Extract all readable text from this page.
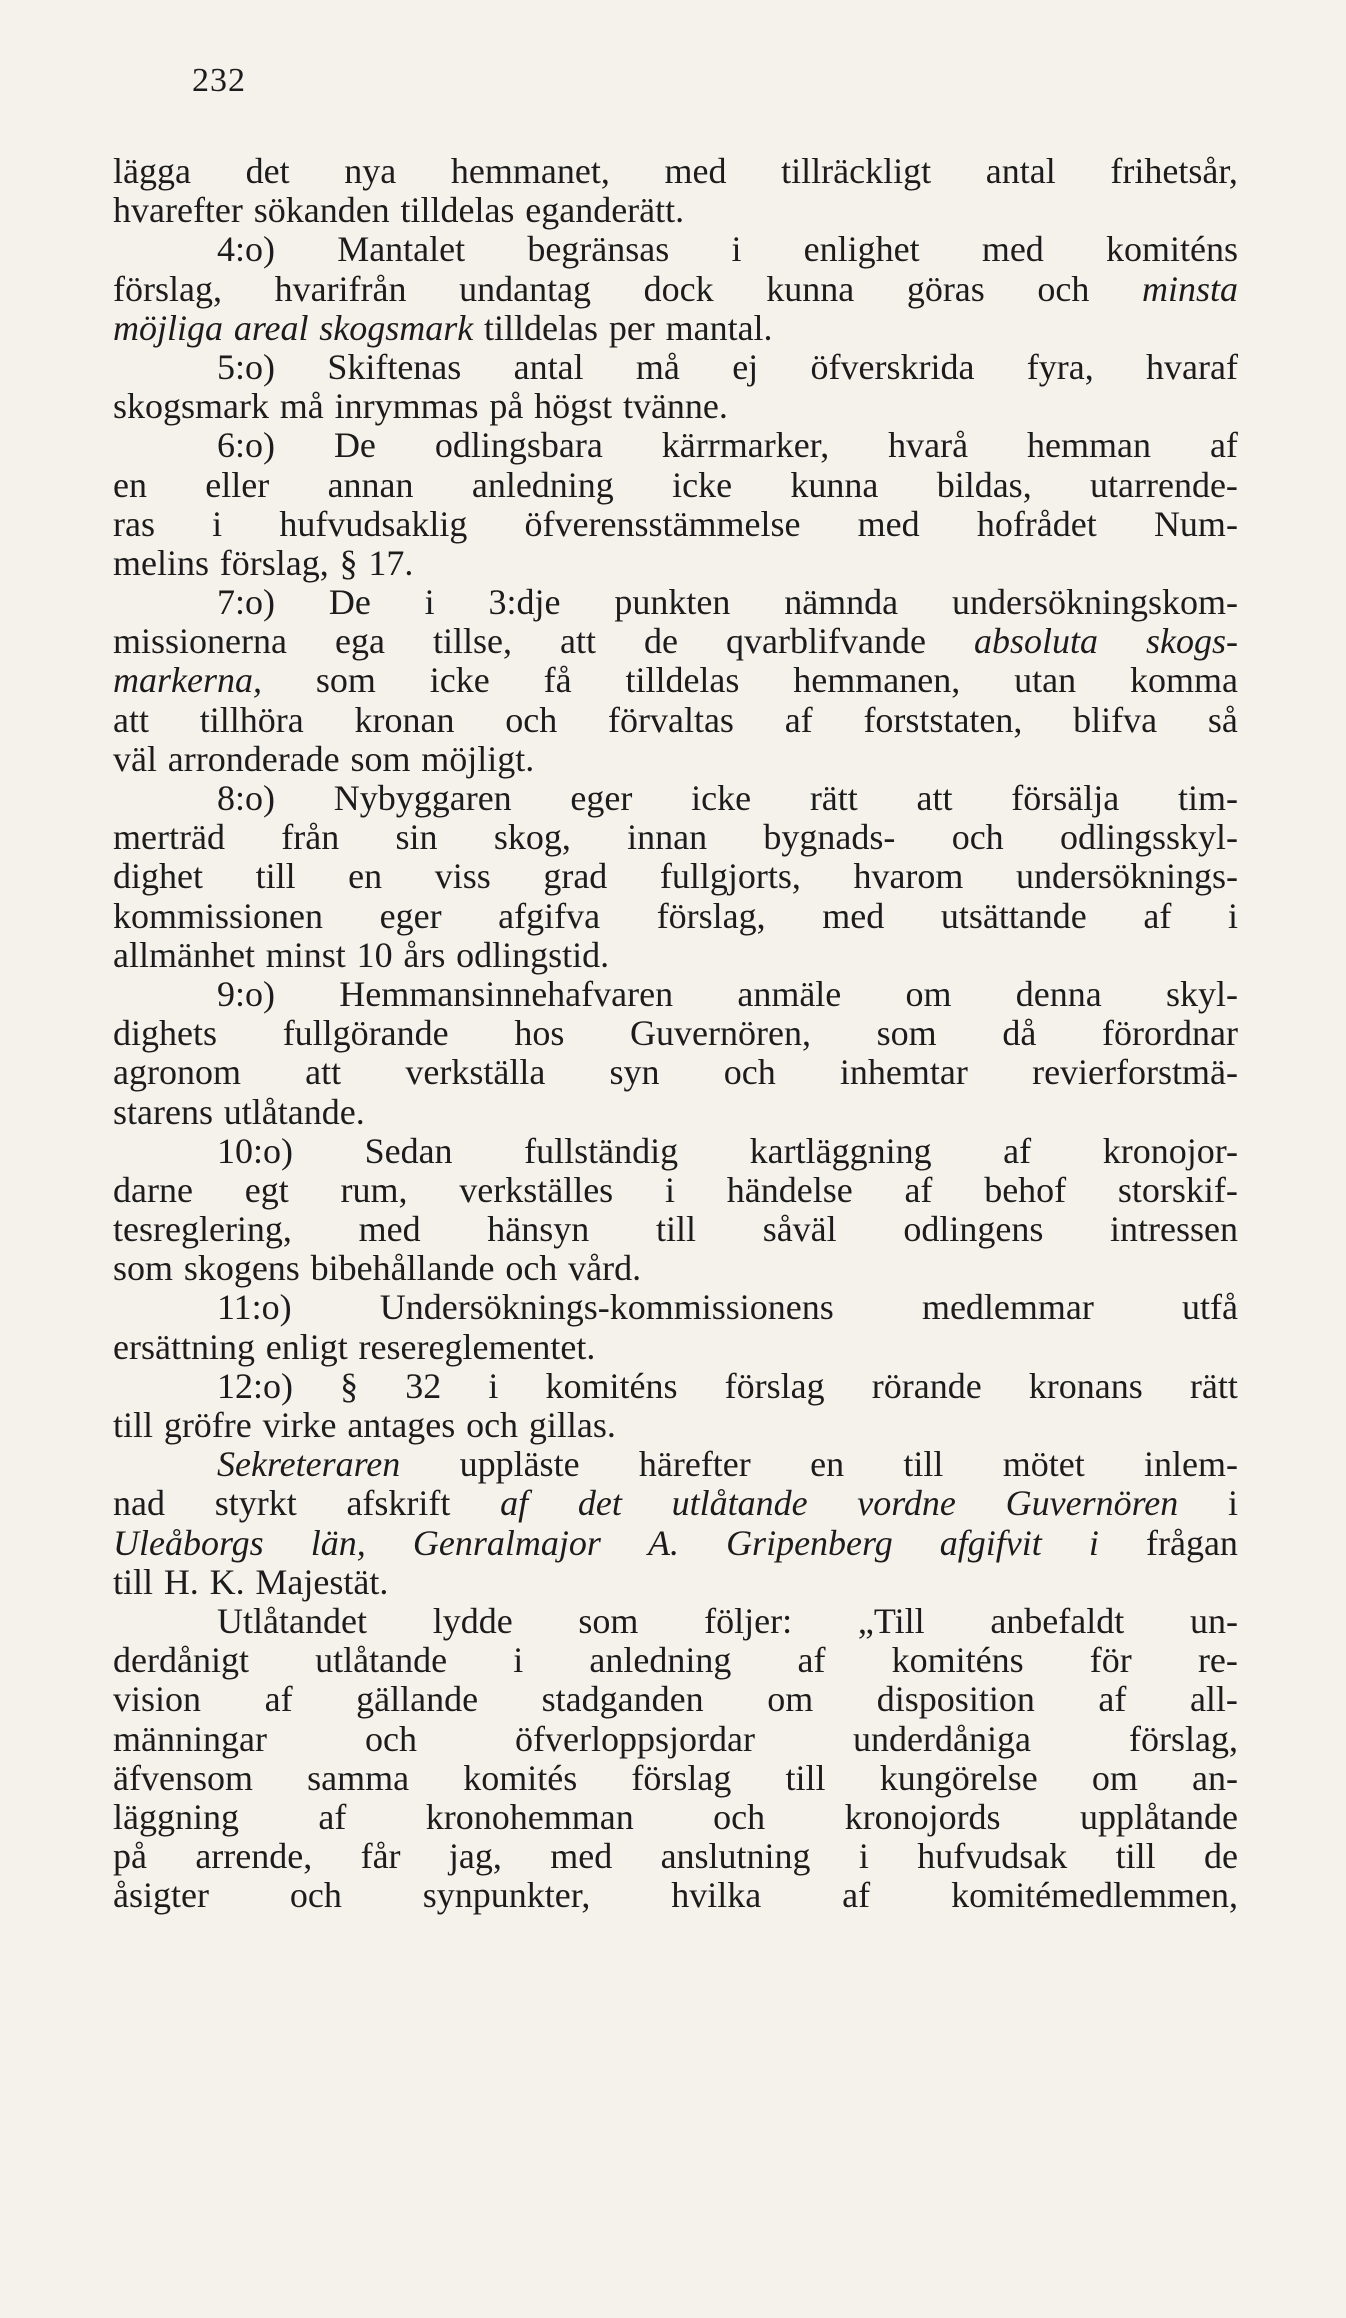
232
lägga det nya hemmanet, med tillräckligt antal frihetsår,
hvarefter sökanden tilldelas eganderätt.
4:o) Mantalet begränsas i enlighet med komiténs
förslag, hvarifrån undantag dock kunna göras och minsta
möjliga areal skogsmark tilldelas per mantal.
5:o) Skiftenas antal må ej öfverskrida fyra, hvaraf
skogsmark må inrymmas på högst tvänne.
6:o) De odlingsbara kärrmarker, hvarå hemman af
en eller annan anledning icke kunna bildas, utarrende-
ras i hufvudsaklig öfverensstämmelse med hofrådet Num-
melins förslag, § 17.
7:o) De i 3:dje punkten nämnda undersökningskom-
missionerna ega tillse, att de qvarblifvande absoluta skogs-
markerna, som icke få tilldelas hemmanen, utan komma
att tillhöra kronan och förvaltas af forststaten, blifva så
väl arronderade som möjligt.
8:o) Nybyggaren eger icke rätt att försälja tim-
merträd från sin skog, innan bygnads- och odlingsskyl-
dighet till en viss grad fullgjorts, hvarom undersöknings-
kommissionen eger afgifva förslag, med utsättande af i
allmänhet minst 10 års odlingstid.
9:o) Hemmansinnehafvaren anmäle om denna skyl-
dighets fullgörande hos Guvernören, som då förordnar
agronom att verkställa syn och inhemtar revierforstmä-
starens utlåtande.
10:o) Sedan fullständig kartläggning af kronojor-
darne egt rum, verkställes i händelse af behof storskif-
tesreglering, med hänsyn till såväl odlingens intressen
som skogens bibehållande och vård.
11:o) Undersöknings-kommissionens medlemmar utfå
ersättning enligt resereglementet.
12:o) § 32 i komiténs förslag rörande kronans rätt
till gröfre virke antages och gillas.
Sekreteraren uppläste härefter en till mötet inlem-
nad styrkt afskrift af det utlåtande vordne Guvernören i
Uleåborgs län, Genralmajor A. Gripenberg afgifvit i frågan
till H. K. Majestät.
Utlåtandet lydde som följer: „Till anbefaldt un-
derdånigt utlåtande i anledning af komiténs för re-
vision af gällande stadganden om disposition af all-
männingar	och	öfverloppsjordar	underdåniga	förslag,
äfvensom samma komités förslag till kungörelse om an-
läggning af kronohemman och kronojords upplåtande
på arrende, får jag, med anslutning i hufvudsak till de
åsigter och synpunkter, hvilka af komitémedlemmen,
